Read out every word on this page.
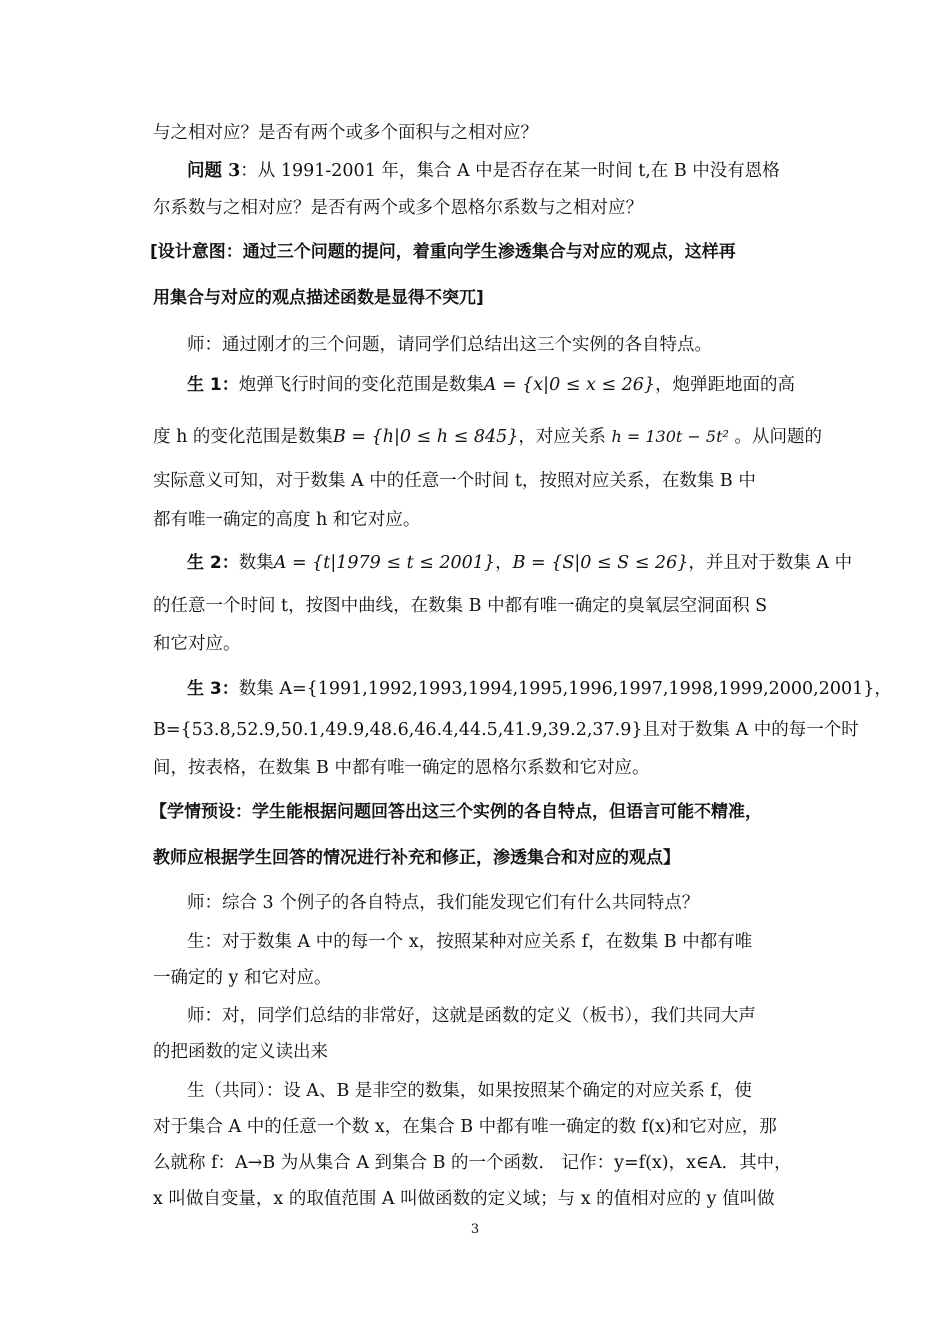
与之相对应？是否有两个或多个面积与之相对应？
问题 3：从 1991-2001 年，集合 A 中是否存在某一时间 t,在 B 中没有恩格
尔系数与之相对应？是否有两个或多个恩格尔系数与之相对应？
[设计意图：通过三个问题的提问，着重向学生渗透集合与对应的观点，这样再
用集合与对应的观点描述函数是显得不突兀]
师：通过刚才的三个问题，请同学们总结出这三个实例的各自特点。
生 1：炮弹飞行时间的变化范围是数集A = {x|0 ≤ x ≤ 26}，炮弹距地面的高
度 h 的变化范围是数集B = {h|0 ≤ h ≤ 845}，对应关系 h = 130t − 5t² 。从问题的
实际意义可知，对于数集 A 中的任意一个时间 t，按照对应关系，在数集 B 中
都有唯一确定的高度 h 和它对应。
生 2：数集A = {t|1979 ≤ t ≤ 2001}，B = {S|0 ≤ S ≤ 26}，并且对于数集 A 中
的任意一个时间 t，按图中曲线，在数集 B 中都有唯一确定的臭氧层空洞面积 S
和它对应。
生 3：数集 A={1991,1992,1993,1994,1995,1996,1997,1998,1999,2000,2001}，
B={53.8,52.9,50.1,49.9,48.6,46.4,44.5,41.9,39.2,37.9}且对于数集 A 中的每一个时
间，按表格，在数集 B 中都有唯一确定的恩格尔系数和它对应。
【学情预设：学生能根据问题回答出这三个实例的各自特点，但语言可能不精准，
教师应根据学生回答的情况进行补充和修正，渗透集合和对应的观点】
师：综合 3 个例子的各自特点，我们能发现它们有什么共同特点？
生：对于数集 A 中的每一个 x，按照某种对应关系 f，在数集 B 中都有唯
一确定的 y 和它对应。
师：对，同学们总结的非常好，这就是函数的定义（板书），我们共同大声
的把函数的定义读出来
生（共同）：设 A、B 是非空的数集，如果按照某个确定的对应关系 f，使
对于集合 A 中的任意一个数 x，在集合 B 中都有唯一确定的数 f(x)和它对应，那
么就称 f：A→B 为从集合 A 到集合 B 的一个函数． 记作：y=f(x)，x∈A．其中，
x 叫做自变量，x 的取值范围 A 叫做函数的定义域；与 x 的值相对应的 y 值叫做
3
